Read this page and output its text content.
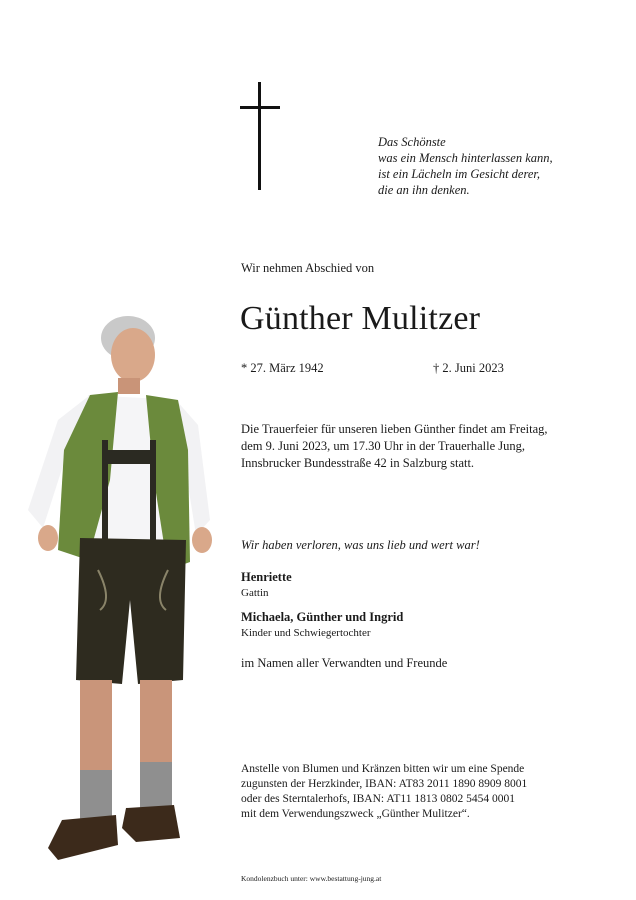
Das Schönste
was ein Mensch hinterlassen kann,
ist ein Lächeln im Gesicht derer,
die an ihn denken.
Wir nehmen Abschied von
Günther Mulitzer
* 27. März 1942	† 2. Juni 2023
Die Trauerfeier für unseren lieben Günther findet am Freitag,
dem 9. Juni 2023, um 17.30 Uhr in der Trauerhalle Jung,
Innsbrucker Bundesstraße 42 in Salzburg statt.
Wir haben verloren, was uns lieb und wert war!
Henriette
Gattin
Michaela, Günther und Ingrid
Kinder und Schwiegertochter
im Namen aller Verwandten und Freunde
Anstelle von Blumen und Kränzen bitten wir um eine Spende
zugunsten der Herzkinder, IBAN: AT83 2011 1890 8909 8001
oder des Sterntalerhofs, IBAN: AT11 1813 0802 5454 0001
mit dem Verwendungszweck „Günther Mulitzer“.
Kondolenzbuch unter: www.bestattung-jung.at
